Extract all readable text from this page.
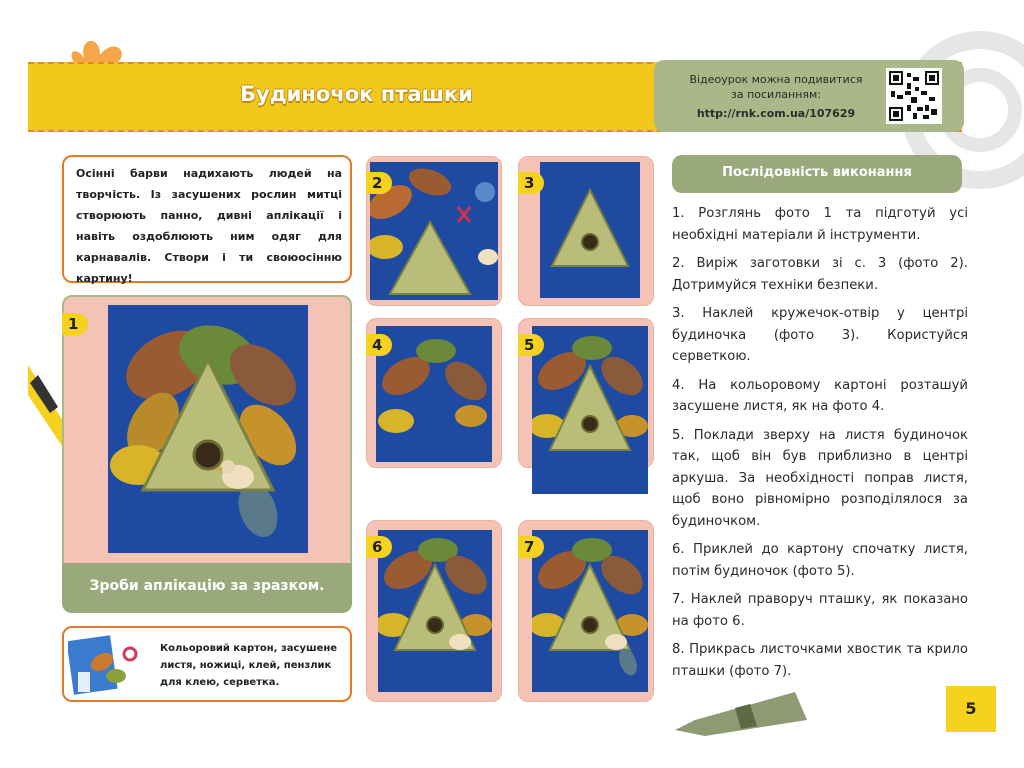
Будиночок пташки
Відеоурок можна подивитися
за посиланням:
http://rnk.com.ua/107629
Осінні барви надихають людей на творчість. Із засушених рослин митці створюють панно, дивні аплікації і навіть оздоблюють ним одяг для карнавалів. Створи і ти своюосінню картину!
1
Зроби аплікацію за зразком.
Кольоровий картон, засушене листя, ножиці, клей, пензлик для клею, серветка.
2	3
4	5
6	7
Послідовність виконання
1. Розглянь фото 1 та підготуй усі необхідні матеріали й інструменти.
2. Виріж заготовки зі с. 3 (фото 2). Дотримуйся техніки безпеки.
3. Наклей кружечок-отвір у центрі будиночка (фото 3). Користуйся серветкою.
4. На кольоровому картоні розташуй засушене листя, як на фото 4.
5. Поклади зверху на листя будиночок так, щоб він був приблизно в центрі аркуша. За необхідності поправ листя, щоб воно рівномірно розподілялося за будиночком.
6. Приклей до картону спочатку листя, потім будиночок (фото 5).
7. Наклей праворуч пташку, як показано на фото 6.
8. Прикрась листочками хвостик та крило пташки (фото 7).
5
